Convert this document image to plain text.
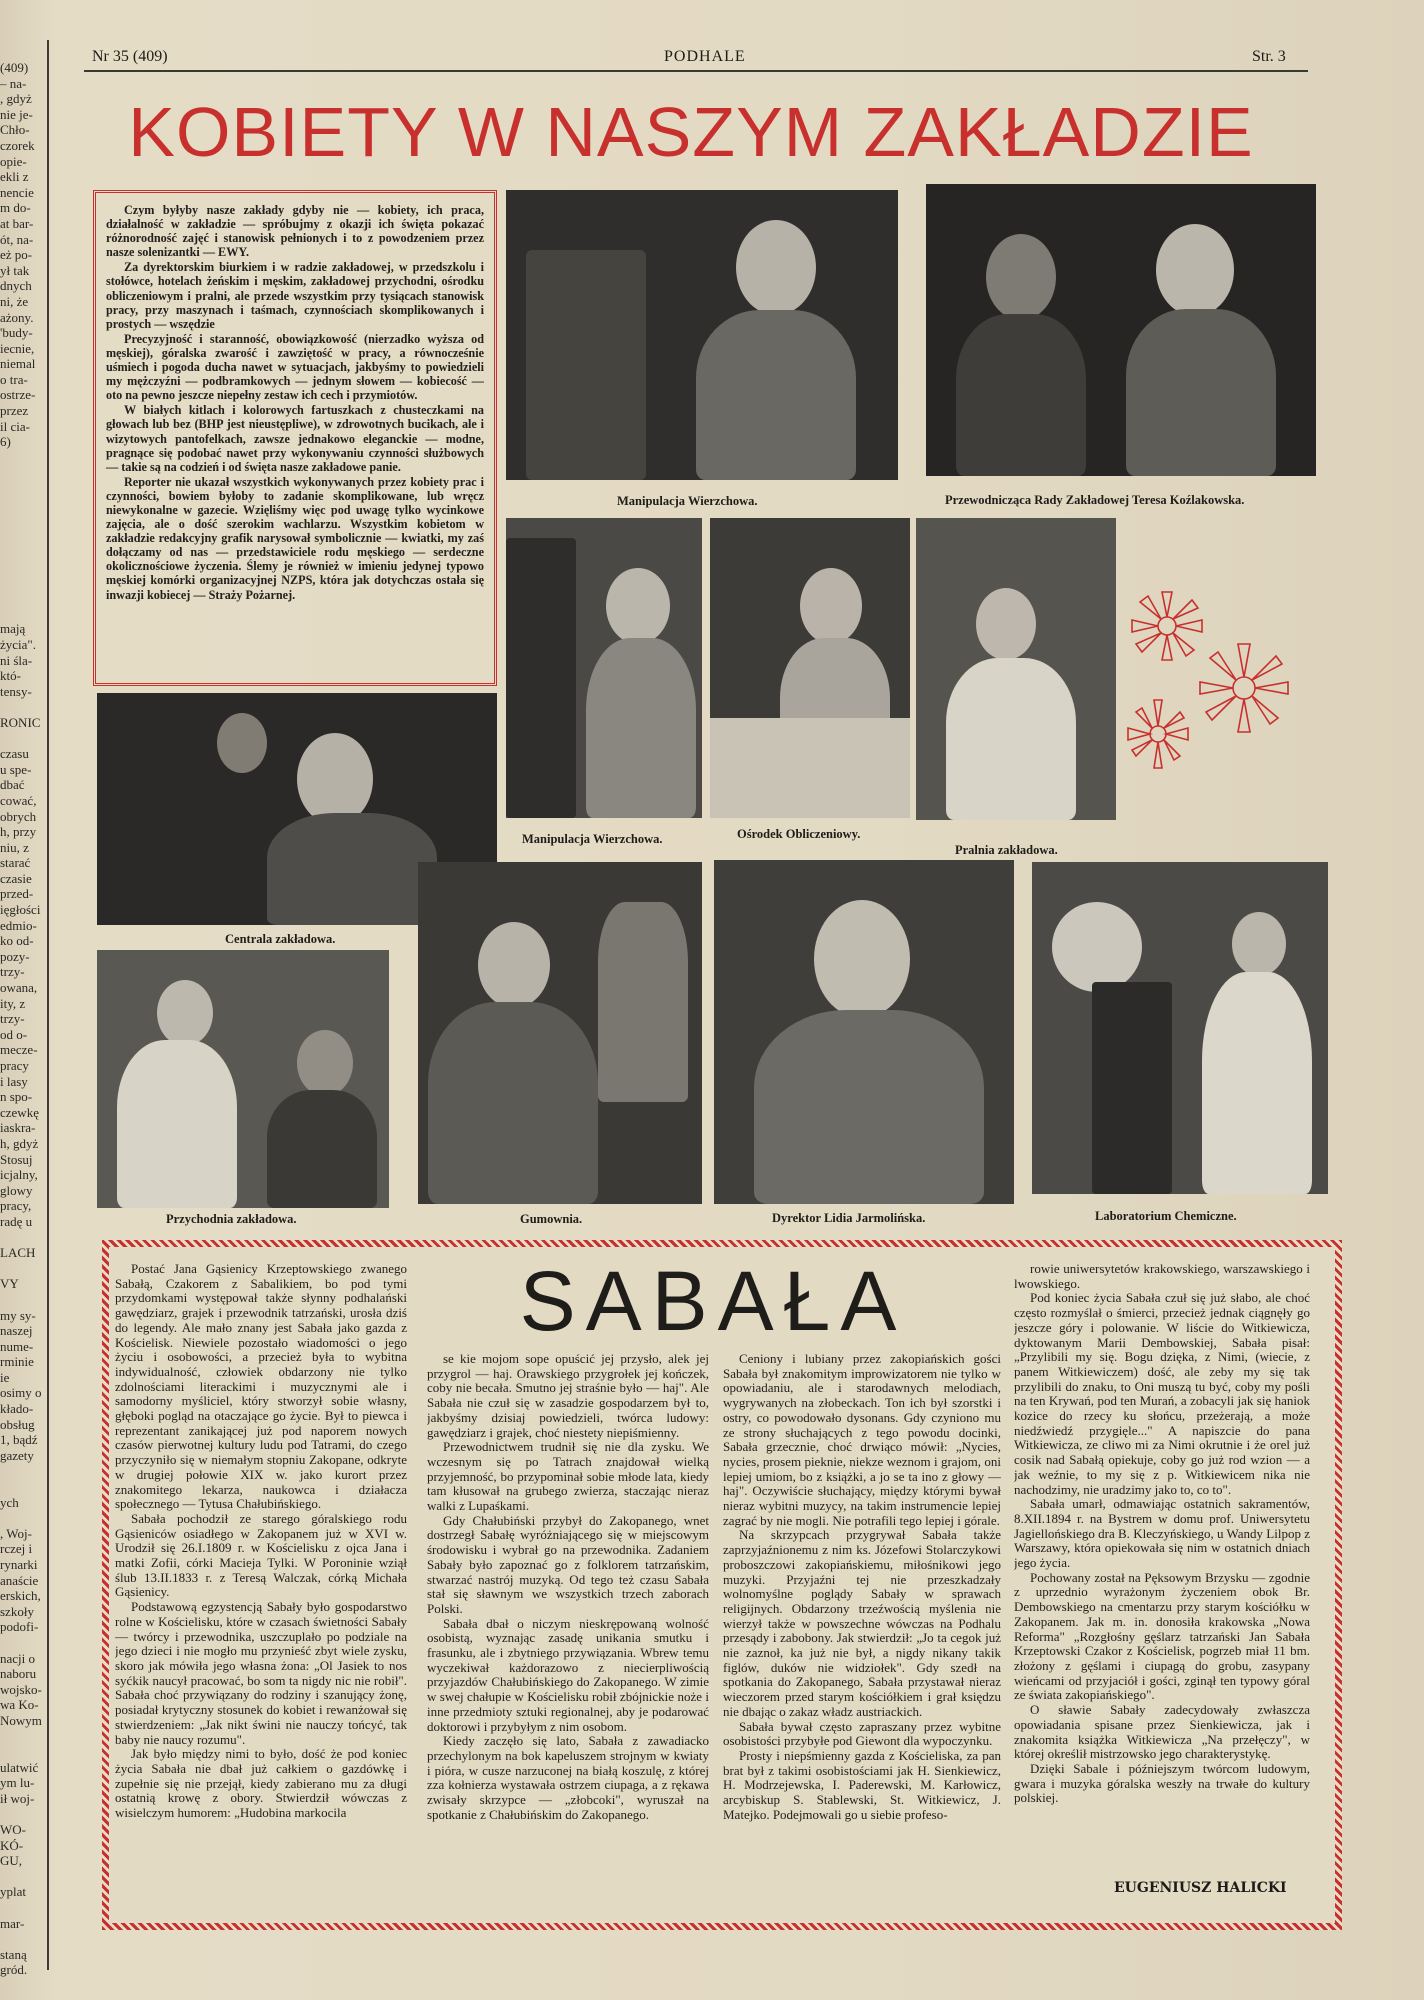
(409)
– na-
, gdyż
nie je-
Chło-
czorek
opie-
ekli z
nencie
m do-
at bar-
ót, na-
eż po-
ył tak
dnych
ni, że
ażony.
'budy-
iecnie,
niemal
o tra-
ostrze-
przez
il cia-
6)

mają
życia".
ni śla-
któ-
tensy-

RONIC

czasu
u spe-
dbać
cować,
obrych
h, przy
niu, z
starać
czasie
przed-
ięgłości
edmio-
ko od-
pozy-
trzy-
owana,
ity, z
trzy-
od o-
mecze-
pracy
i lasy
n spo-
czewkę
iaskra-
h, gdyż
Stosuj
icjalny,
glowy
pracy,
radę u

LACH

VY

my sy-
naszej
nume-
rminie
ie
osimy o
kłado-
obsług
1, bądź
gazety

ych

, Woj-
rczej i
rynarki
anaście
erskich,
szkoły
podofi-

nacji o
naboru
wojsko-
wa Ko-
Nowym

ulatwić
ym lu-
ił woj-

WO-
KÓ-
GU,

yplat

mar-

staną
gród.
Nr 35 (409)	PODHALE	Str. 3
KOBIETY W NASZYM ZAKŁADZIE

Czym byłyby nasze zakłady gdyby nie — kobiety, ich praca, działalność w zakładzie — spróbujmy z okazji ich święta pokazać różnorodność zajęć i stanowisk pełnionych i to z powodzeniem przez nasze solenizantki — EWY.

Za dyrektorskim biurkiem i w radzie zakładowej, w przedszkolu i stołówce, hotelach żeńskim i męskim, zakładowej przychodni, ośrodku obliczeniowym i pralni, ale przede wszystkim przy tysiącach stanowisk pracy, przy maszynach i taśmach, czynnościach skomplikowanych i prostych — wszędzie

Precyzyjność i staranność, obowiązkowość (nierzadko wyższa od męskiej), góralska zwarość i zawziętość w pracy, a równocześnie uśmiech i pogoda ducha nawet w sytuacjach, jakbyśmy to powiedzieli my mężczyźni — podbramkowych — jednym słowem — kobiecość — oto na pewno jeszcze niepełny zestaw ich cech i przymiotów.

W białych kitlach i kolorowych fartuszkach z chusteczkami na głowach lub bez (BHP jest nieustępliwe), w zdrowotnych bucikach, ale i wizytowych pantofelkach, zawsze jednakowo eleganckie — modne, pragnące się podobać nawet przy wykonywaniu czynności służbowych — takie są na codzień i od święta nasze zakładowe panie.

Reporter nie ukazał wszystkich wykonywanych przez kobiety prac i czynności, bowiem byłoby to zadanie skomplikowane, lub wręcz niewykonalne w gazecie. Wzięliśmy więc pod uwagę tylko wycinkowe zajęcia, ale o dość szerokim wachlarzu. Wszystkim kobietom w zakładzie redakcyjny grafik narysował symbolicznie — kwiatki, my zaś dołączamy od nas — przedstawiciele rodu męskiego — serdeczne okolicznościowe życzenia. Ślemy je również w imieniu jedynej typowo męskiej komórki organizacyjnej NZPS, która jak dotychczas ostała się inwazji kobiecej — Straży Pożarnej.

Manipulacja Wierzchowa.	Przewodnicząca Rady Zakładowej Teresa Koźlakowska.
Manipulacja Wierzchowa.	Ośrodek Obliczeniowy.
Pralnia zakładowa.
Centrala zakładowa.
Przychodnia zakładowa.	Gumownia.	Dyrektor Lidia Jarmolińska.	Laboratorium Chemiczne.
SABAŁA

Postać Jana Gąsienicy Krzeptowskiego zwanego Sabałą, Czakorem z Sabalikiem, bo pod tymi przydomkami występował także słynny podhalański gawędziarz, grajek i przewodnik tatrzański, urosła dziś do legendy. Ale mało znany jest Sabała jako gazda z Kościelisk. Niewiele pozostało wiadomości o jego życiu i osobowości, a przecież była to wybitna indywidualność, człowiek obdarzony nie tylko zdolnościami literackimi i muzycznymi ale i samodorny myśliciel, który stworzył sobie własny, głęboki pogląd na otaczające go życie. Był to piewca i reprezentant zanikającej już pod naporem nowych czasów pierwotnej kultury ludu pod Tatrami, do czego przyczyniło się w niemałym stopniu Zakopane, odkryte w drugiej połowie XIX w. jako kurort przez znakomitego lekarza, naukowca i działacza społecznego — Tytusa Chałubińskiego.

Sabała pochodził ze starego góralskiego rodu Gąsieniców osiadłego w Zakopanem już w XVI w. Urodził się 26.I.1809 r. w Kościelisku z ojca Jana i matki Zofii, córki Macieja Tylki. W Poroninie wziął ślub 13.II.1833 r. z Teresą Walczak, córką Michała Gąsienicy.

Podstawową egzystencją Sabały było gospodarstwo rolne w Kościelisku, które w czasach świetności Sabały — twórcy i przewodnika, uszczuplało po podziale na jego dzieci i nie mogło mu przynieść zbyt wiele zysku, skoro jak mówiła jego własna żona: „Ol Jasiek to nos syćkik naucył pracować, bo som ta nigdy nic nie robił". Sabała choć przywiązany do rodziny i szanujący żonę, posiadał krytyczny stosunek do kobiet i rewanżował się stwierdzeniem: „Jak nikt świni nie nauczy tońcyć, tak baby nie naucy rozumu".

Jak było między nimi to było, dość że pod koniec życia Sabała nie dbał już całkiem o gazdówkę i zupełnie się nie przejął, kiedy zabierano mu za długi ostatnią krowę z obory. Stwierdził wówczas z wisielczym humorem: „Hudobina markocila

se kie mojom sope opuścić jej przysło, alek jej przygrol — haj. Orawskiego przygrołek jej kończek, coby nie becała. Smutno jej straśnie było — haj". Ale Sabała nie czuł się w zasadzie gospodarzem był to, jakbyśmy dzisiaj powiedzieli, twórca ludowy: gawędziarz i grajek, choć niestety niepiśmienny.

Przewodnictwem trudnił się nie dla zysku. We wczesnym się po Tatrach znajdował wielką przyjemność, bo przypominał sobie młode lata, kiedy tam kłusował na grubego zwierza, staczając nieraz walki z Lupaśkami.

Gdy Chałubiński przybył do Zakopanego, wnet dostrzegł Sabałę wyróżniającego się w miejscowym środowisku i wybrał go na przewodnika. Zadaniem Sabały było zapoznać go z folklorem tatrzańskim, stwarzać nastrój muzyką. Od tego też czasu Sabała stał się sławnym we wszystkich trzech zaborach Polski.

Sabała dbał o niczym nieskrępowaną wolność osobistą, wyznając zasadę unikania smutku i frasunku, ale i zbytniego przywiązania. Wbrew temu wyczekiwał każdorazowo z niecierpliwością przyjazdów Chałubińskiego do Zakopanego. W zimie w swej chałupie w Kościelisku robił zbójnickie noże i inne przedmioty sztuki regionalnej, aby je podarować doktorowi i przybyłym z nim osobom.

Kiedy zaczęło się lato, Sabała z zawadiacko przechylonym na bok kapeluszem strojnym w kwiaty i pióra, w cusze narzuconej na białą koszulę, z której zza kołnierza wystawała ostrzem ciupaga, a z rękawa zwisały skrzypce — „złobcoki", wyruszał na spotkanie z Chałubińskim do Zakopanego.

Ceniony i lubiany przez zakopiańskich gości Sabała był znakomitym improwizatorem nie tylko w opowiadaniu, ale i starodawnych melodiach, wygrywanych na złobeckach. Ton ich był szorstki i ostry, co powodowało dysonans. Gdy czyniono mu ze strony słuchających z tego powodu docinki, Sabała grzecznie, choć drwiąco mówił: „Nycies, nycies, prosem pieknie, niekze weznom i grajom, oni lepiej umiom, bo z książki, a jo se ta ino z głowy — haj". Oczywiście słuchający, między którymi bywał nieraz wybitni muzycy, na takim instrumencie lepiej zagrać by nie mogli. Nie potrafili tego lepiej i górale.

Na skrzypcach przygrywał Sabała także zaprzyjaźnionemu z nim ks. Józefowi Stolarczykowi proboszczowi zakopiańskiemu, miłośnikowi jego muzyki. Przyjaźni tej nie przeszkadzały wolnomyślne poglądy Sabały w sprawach religijnych. Obdarzony trzeźwością myślenia nie wierzył także w powszechne wówczas na Podhalu przesądy i zabobony. Jak stwierdził: „Jo ta cegok już nie zaznoł, ka już nie był, a nigdy nikany takik figlów, duków nie widziołek". Gdy szedł na spotkania do Zakopanego, Sabała przystawał nieraz wieczorem przed starym kościółkiem i grał księdzu nie dbając o zakaz władz austriackich.

Sabała bywał często zapraszany przez wybitne osobistości przybyłe pod Giewont dla wypoczynku.

Prosty i niepśmienny gazda z Kościeliska, za pan brat był z takimi osobistościami jak H. Sienkiewicz, H. Modrzejewska, I. Paderewski, M. Karłowicz, arcybiskup S. Stablewski, St. Witkiewicz, J. Matejko. Podejmowali go u siebie profeso-

rowie uniwersytetów krakowskiego, warszawskiego i lwowskiego.

Pod koniec życia Sabała czuł się już słabo, ale choć często rozmyślał o śmierci, przecież jednak ciągnęły go jeszcze góry i polowanie. W liście do Witkiewicza, dyktowanym Marii Dembowskiej, Sabała pisał: „Przylibili my się. Bogu dzięka, z Nimi, (wiecie, z panem Witkiewiczem) dość, ale zeby my się tak przylibili do znaku, to Oni muszą tu być, coby my pośli na ten Krywań, pod ten Murań, a zobacyli jak się haniok kozice do rzecy ku słońcu, przeżerają, a może niedźwiedź przygięle..." A napiszcie do pana Witkiewicza, ze cliwo mi za Nimi okrutnie i że orel już cosik nad Sabałą opiekuje, coby go już rod wzion — a jak weźnie, to my się z p. Witkiewicem nika nie nachodzimy, nie uradzimy jako to, co to".

Sabała umarł, odmawiając ostatnich sakramentów, 8.XII.1894 r. na Bystrem w domu prof. Uniwersytetu Jagiellońskiego dra B. Kleczyńskiego, u Wandy Lilpop z Warszawy, która opiekowała się nim w ostatnich dniach jego życia.

Pochowany został na Pęksowym Brzysku — zgodnie z uprzednio wyrażonym życzeniem obok Br. Dembowskiego na cmentarzu przy starym kościółku w Zakopanem. Jak m. in. donosiła krakowska „Nowa Reforma" „Rozgłośny gęślarz tatrzański Jan Sabała Krzeptowski Czakor z Kościelisk, pogrzeb miał 11 bm. złożony z gęślami i ciupagą do grobu, zasypany wieńcami od przyjaciół i gości, zginął ten typowy góral ze świata zakopiańskiego".

O sławie Sabały zadecydowały zwłaszcza opowiadania spisane przez Sienkiewicza, jak i znakomita książka Witkiewicza „Na przełęczy", w której określił mistrzowsko jego charakterystykę.

Dzięki Sabale i późniejszym twórcom ludowym, gwara i muzyka góralska weszły na trwałe do kultury polskiej.

EUGENIUSZ HALICKI
